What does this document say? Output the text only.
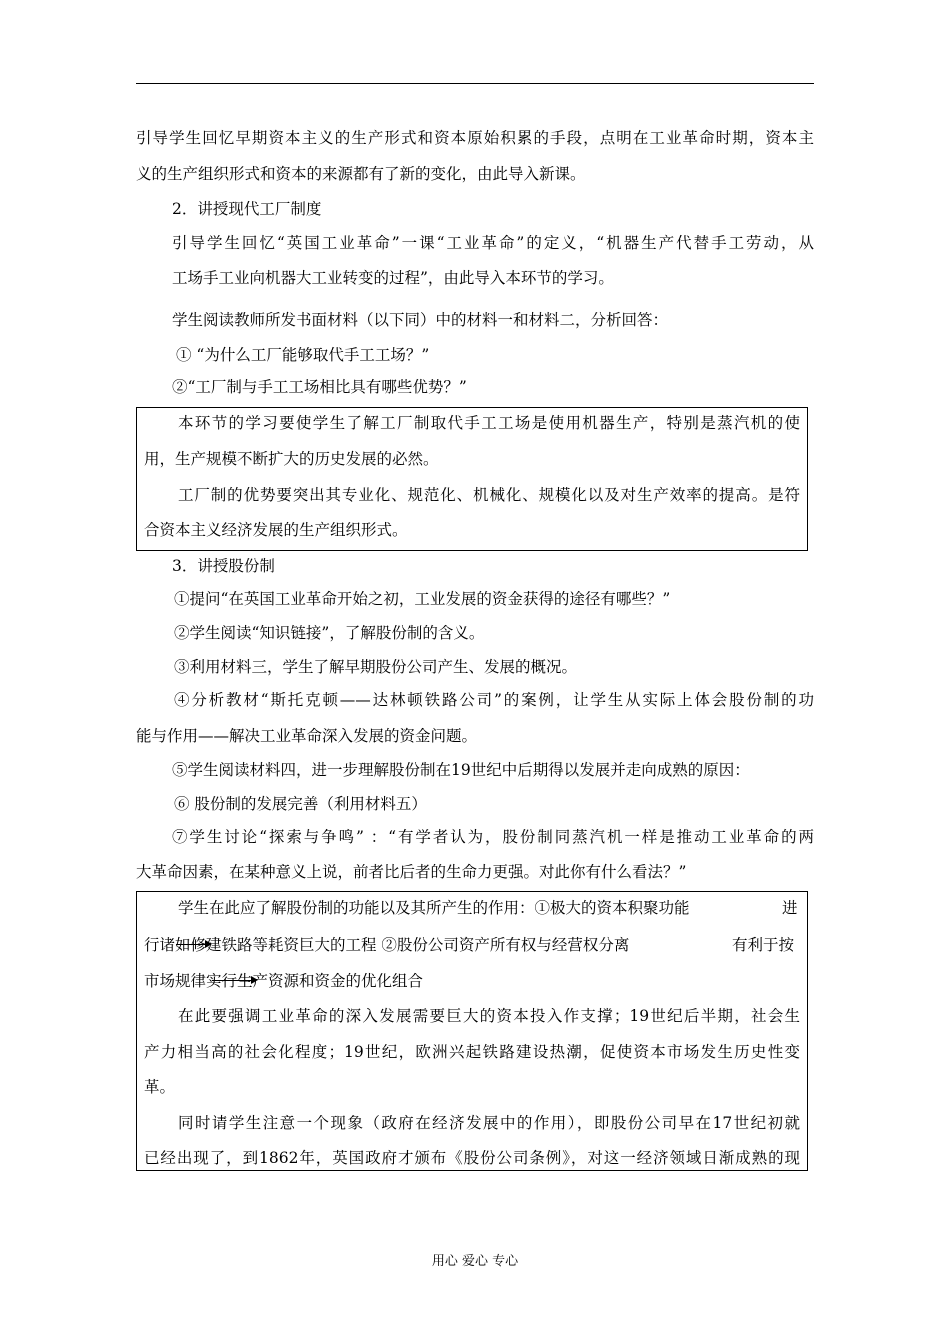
引导学生回忆早期资本主义的生产形式和资本原始积累的手段，点明在工业革命时期，资本主
义的生产组织形式和资本的来源都有了新的变化，由此导入新课。
2．讲授现代工厂制度
引导学生回忆“英国工业革命”一课“工业革命”的定义，“机器生产代替手工劳动，从
工场手工业向机器大工业转变的过程”，由此导入本环节的学习。
学生阅读教师所发书面材料（以下同）中的材料一和材料二，分析回答：
① “为什么工厂能够取代手工工场？”
②“工厂制与手工工场相比具有哪些优势？”
本环节的学习要使学生了解工厂制取代手工工场是使用机器生产，特别是蒸汽机的使
用，生产规模不断扩大的历史发展的必然。
工厂制的优势要突出其专业化、规范化、机械化、规模化以及对生产效率的提高。是符
合资本主义经济发展的生产组织形式。
3．讲授股份制
①提问“在英国工业革命开始之初，工业发展的资金获得的途径有哪些？”
②学生阅读“知识链接”，了解股份制的含义。
③利用材料三，学生了解早期股份公司产生、发展的概况。
④分析教材“斯托克顿——达林顿铁路公司”的案例，让学生从实际上体会股份制的功
能与作用——解决工业革命深入发展的资金问题。
⑤学生阅读材料四，进一步理解股份制在19世纪中后期得以发展并走向成熟的原因：
⑥ 股份制的发展完善（利用材料五）
⑦学生讨论“探索与争鸣” ：“有学者认为，股份制同蒸汽机一样是推动工业革命的两
大革命因素，在某种意义上说，前者比后者的生命力更强。对此你有什么看法？”
学生在此应了解股份制的功能以及其所产生的作用：①极大的资本积聚功能	进
行诸如修建铁路等耗资巨大的工程 ②股份公司资产所有权与经营权分离	有利于按
市场规律实行生产资源和资金的优化组合
在此要强调工业革命的深入发展需要巨大的资本投入作支撑；19世纪后半期，社会生
产力相当高的社会化程度；19世纪，欧洲兴起铁路建设热潮，促使资本市场发生历史性变
革。
同时请学生注意一个现象（政府在经济发展中的作用），即股份公司早在17世纪初就
已经出现了，到1862年，英国政府才颁布《股份公司条例》，对这一经济领域日渐成熟的现
用心 爱心 专心
